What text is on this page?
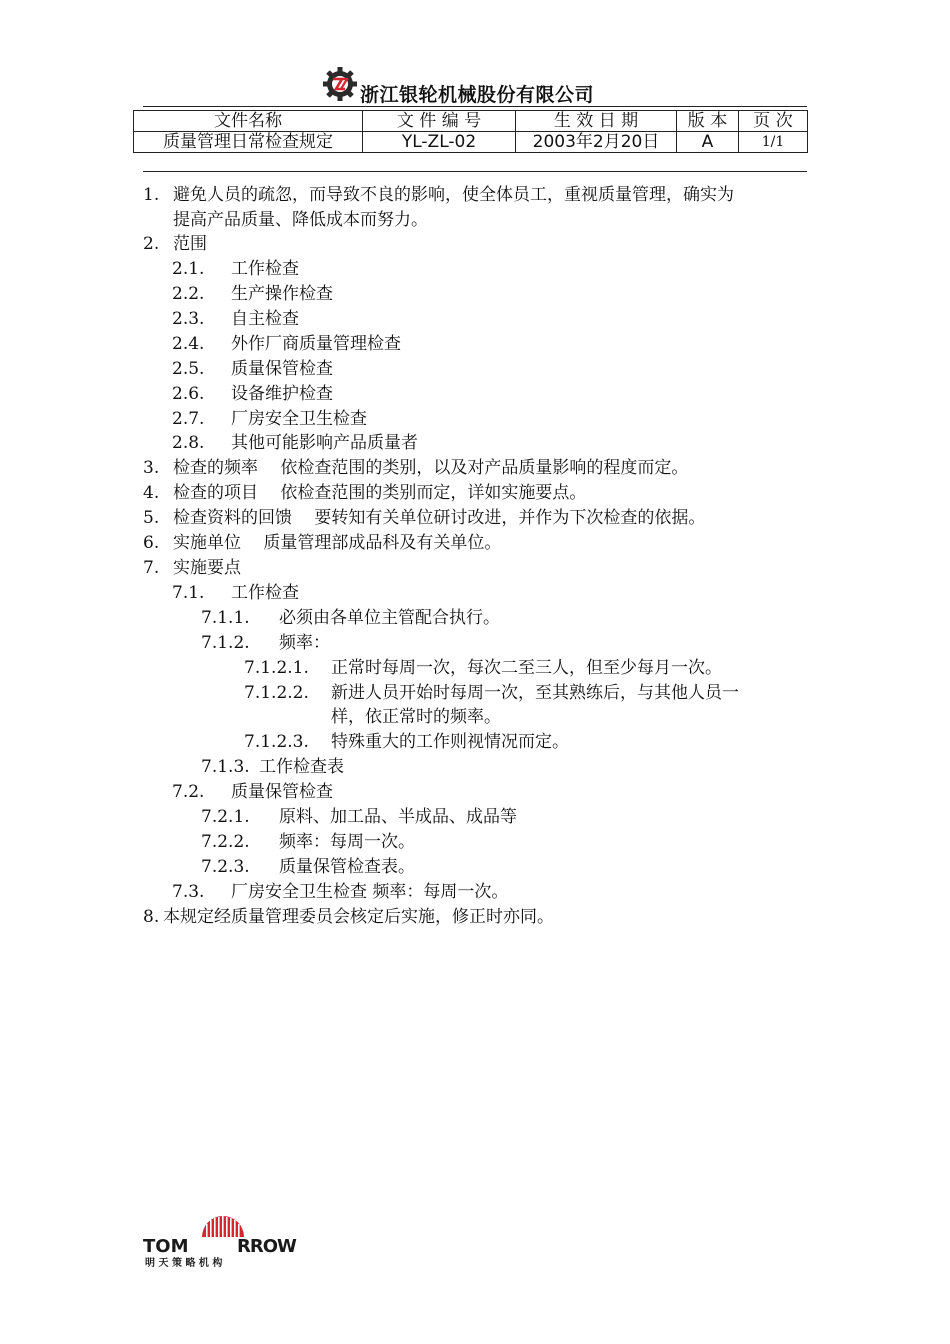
浙江银轮机械股份有限公司
文件名称	文 件 编 号	生 效 日 期	版 本	页 次
质量管理日常检查规定	YL-ZL-02	2003年2月20日	A	1/1
1. 避免人员的疏忽，而导致不良的影响，使全体员工，重视质量管理，确实为
提高产品质量、降低成本而努力。
2. 范围
2.1. 工作检查
2.2. 生产操作检查
2.3. 自主检查
2.4. 外作厂商质量管理检查
2.5. 质量保管检查
2.6. 设备维护检查
2.7. 厂房安全卫生检查
2.8. 其他可能影响产品质量者
3. 检查的频率　 依检查范围的类别，以及对产品质量影响的程度而定。
4. 检查的项目　 依检查范围的类别而定，详如实施要点。
5. 检查资料的回馈　 要转知有关单位研讨改进，并作为下次检查的依据。
6. 实施单位　 质量管理部成品科及有关单位。
7. 实施要点
7.1. 工作检查
7.1.1. 必须由各单位主管配合执行。
7.1.2. 频率：
7.1.2.1. 正常时每周一次，每次二至三人，但至少每月一次。
7.1.2.2. 新进人员开始时每周一次，至其熟练后，与其他人员一
样，依正常时的频率。
7.1.2.3. 特殊重大的工作则视情况而定。
7.1.3. 工作检查表
7.2. 质量保管检查
7.2.1. 原料、加工品、半成品、成品等
7.2.2. 频率：每周一次。
7.2.3. 质量保管检查表。
7.3. 厂房安全卫生检查 频率：每周一次。
8. 本规定经质量管理委员会核定后实施，修正时亦同。
TOM	RROW
明 天 策 略 机 构
